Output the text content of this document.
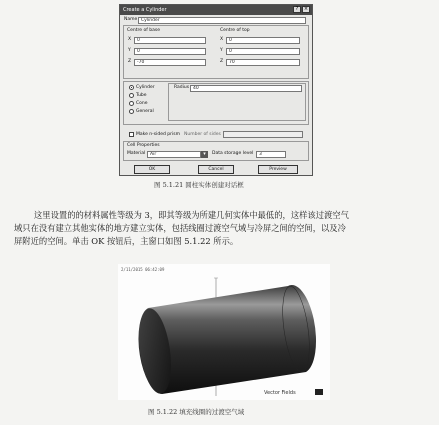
Create a Cylinder	?	×
Name Cylinder
Centre of base	Centre of top
X	0
Y	0
Z	-70
X	0
Y	0
Z	70
Cylinder
Tube
Cone
General
Radius 40
Make n-sided prism Number of sides
Cell Properties
Material	Air	▾	Data storage level	3
OK	Cancel	Preview
图 5.1.21 圆柱实体创建对话框
这里设置的的材料属性等级为 3，即其等级为所建几何实体中最低的，这样该过渡空气
域只在没有建立其他实体的地方建立实体，包括线圈过渡空气域与冷屏之间的空间，以及冷
屏附近的空间。单击 OK 按钮后，主窗口如图 5.1.22 所示。
2/11/2015 06:42:09
Vector Fields
图 5.1.22 填充线圈的过渡空气域
